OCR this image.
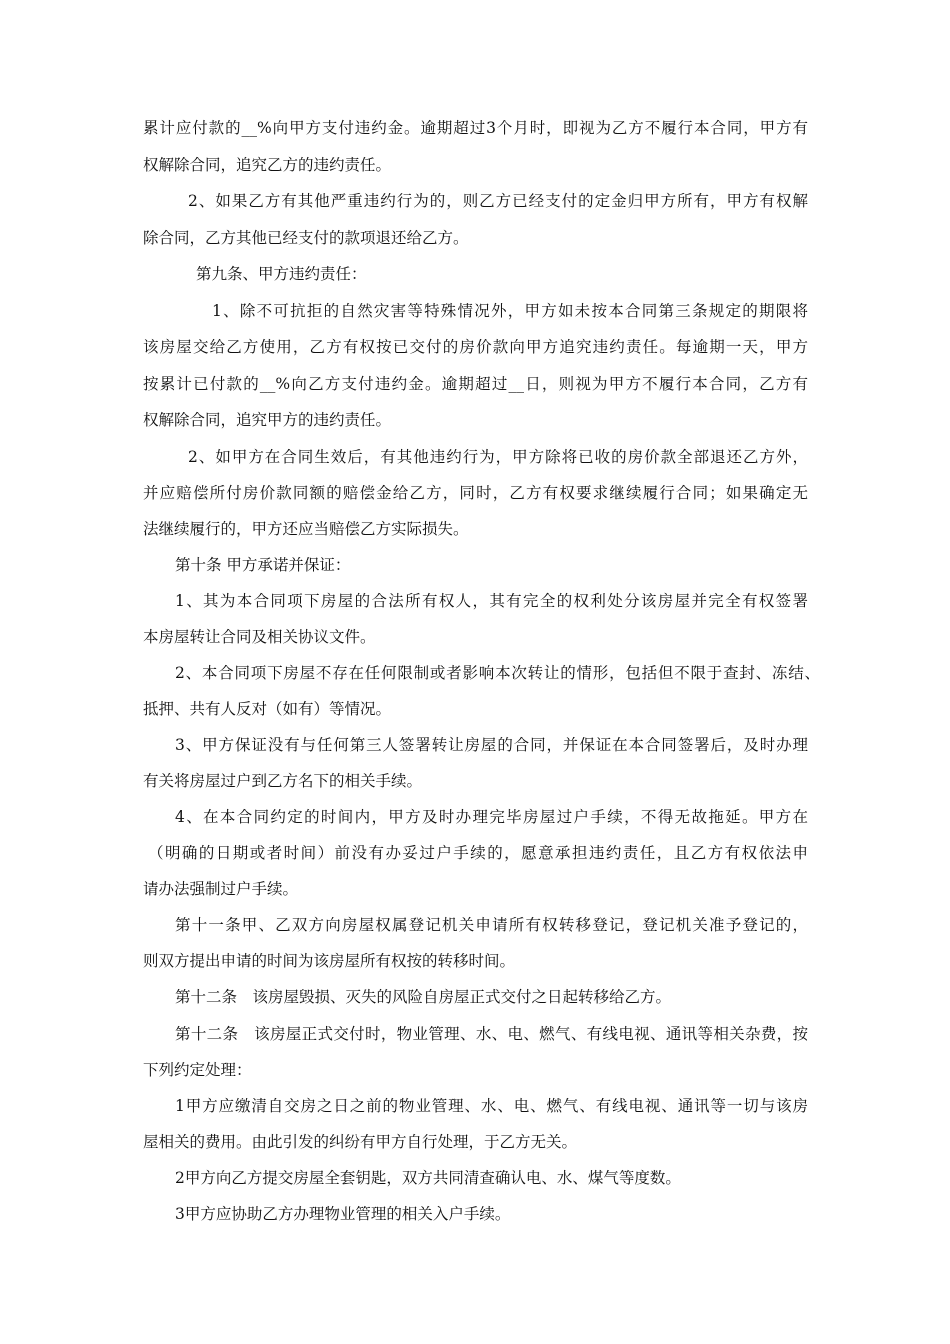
累计应付款的__%向甲方支付违约金。逾期超过3个月时，即视为乙方不履行本合同，甲方有
权解除合同，追究乙方的违约责任。
2、如果乙方有其他严重违约行为的，则乙方已经支付的定金归甲方所有，甲方有权解
除合同，乙方其他已经支付的款项退还给乙方。
第九条、甲方违约责任：
1、除不可抗拒的自然灾害等特殊情况外，甲方如未按本合同第三条规定的期限将
该房屋交给乙方使用，乙方有权按已交付的房价款向甲方追究违约责任。每逾期一天，甲方
按累计已付款的__%向乙方支付违约金。逾期超过__日，则视为甲方不履行本合同，乙方有
权解除合同，追究甲方的违约责任。
2、如甲方在合同生效后，有其他违约行为，甲方除将已收的房价款全部退还乙方外，
并应赔偿所付房价款同额的赔偿金给乙方，同时，乙方有权要求继续履行合同；如果确定无
法继续履行的，甲方还应当赔偿乙方实际损失。
第十条 甲方承诺并保证：
1、其为本合同项下房屋的合法所有权人，其有完全的权利处分该房屋并完全有权签署
本房屋转让合同及相关协议文件。
2、本合同项下房屋不存在任何限制或者影响本次转让的情形，包括但不限于查封、冻结、
抵押、共有人反对（如有）等情况。
3、甲方保证没有与任何第三人签署转让房屋的合同，并保证在本合同签署后，及时办理
有关将房屋过户到乙方名下的相关手续。
4、在本合同约定的时间内，甲方及时办理完毕房屋过户手续，不得无故拖延。甲方在
（明确的日期或者时间）前没有办妥过户手续的，愿意承担违约责任，且乙方有权依法申
请办法强制过户手续。
第十一条甲、乙双方向房屋权属登记机关申请所有权转移登记，登记机关准予登记的，
则双方提出申请的时间为该房屋所有权按的转移时间。
第十二条　该房屋毁损、灭失的风险自房屋正式交付之日起转移给乙方。
第十二条　该房屋正式交付时，物业管理、水、电、燃气、有线电视、通讯等相关杂费，按
下列约定处理：
1甲方应缴清自交房之日之前的物业管理、水、电、燃气、有线电视、通讯等一切与该房
屋相关的费用。由此引发的纠纷有甲方自行处理，于乙方无关。
2甲方向乙方提交房屋全套钥匙，双方共同清查确认电、水、煤气等度数。
3甲方应协助乙方办理物业管理的相关入户手续。
